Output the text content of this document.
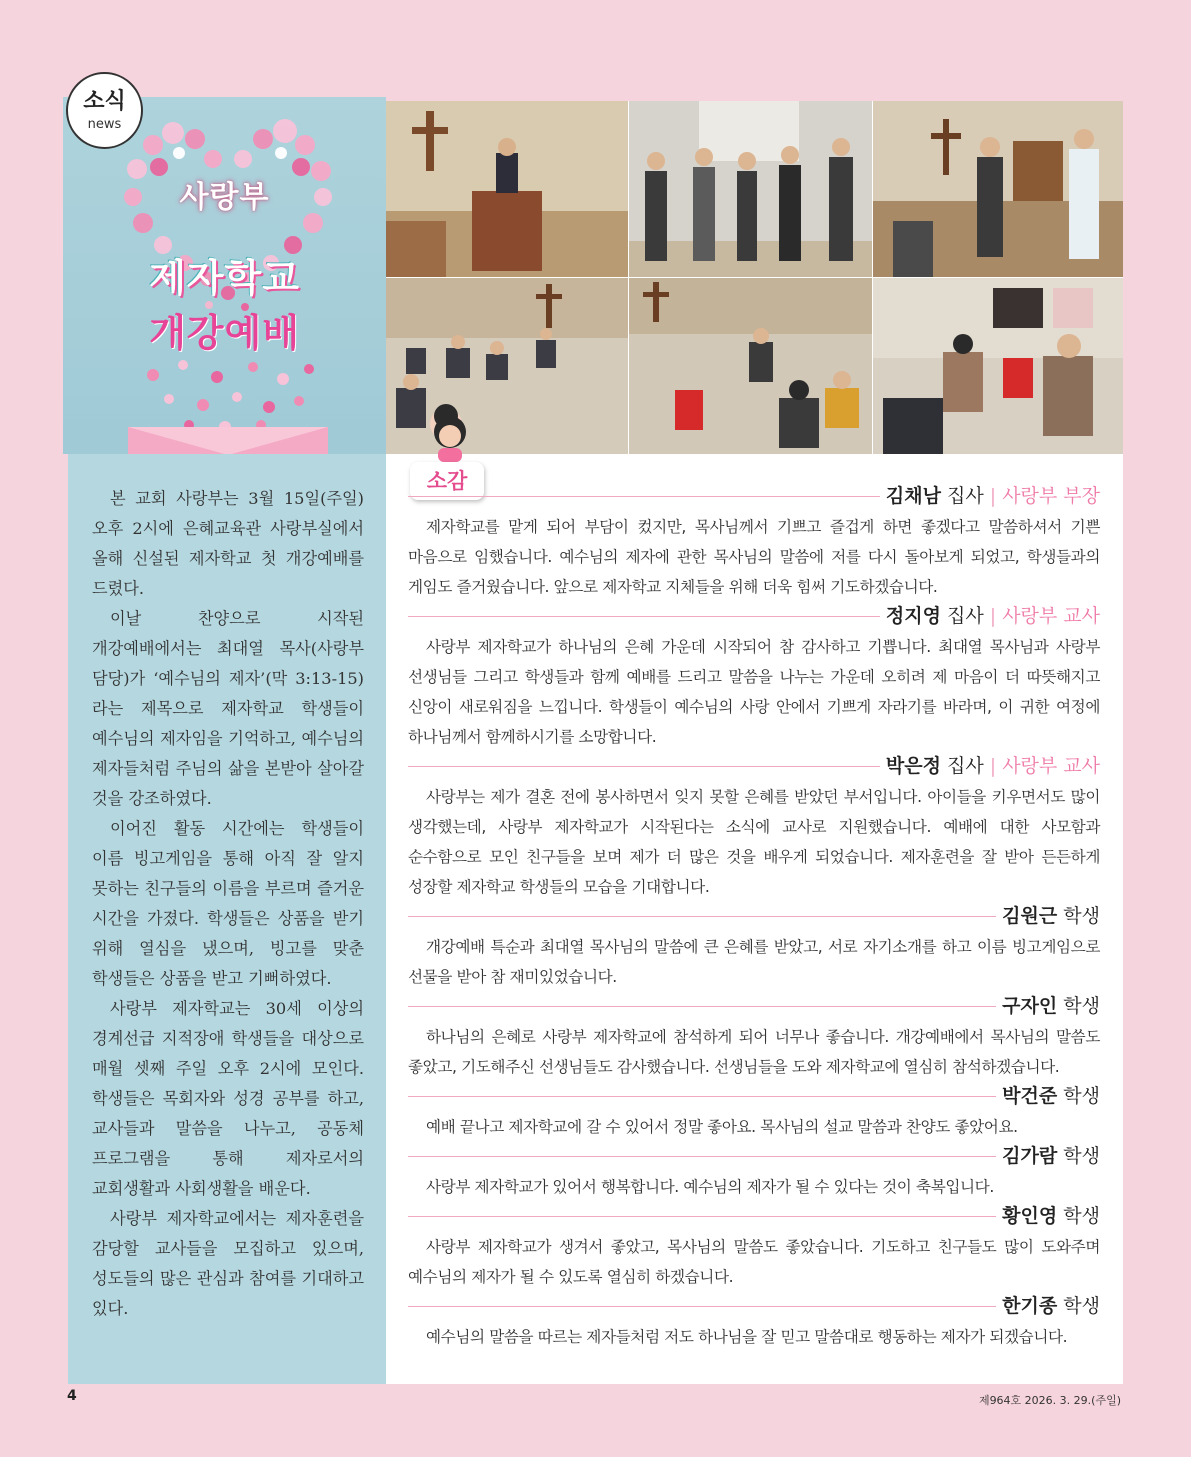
사랑부
제자학교
개강예배
소식
news

본 교회 사랑부는 3월 15일(주일) 오후 2시에 은혜교육관 사랑부실에서 올해 신설된 제자학교 첫 개강예배를 드렸다.

이날 찬양으로 시작된 개강예배에서는 최대열 목사(사랑부 담당)가 ‘예수님의 제자’(막 3:13-15)라는 제목으로 제자학교 학생들이 예수님의 제자임을 기억하고, 예수님의 제자들처럼 주님의 삶을 본받아 살아갈 것을 강조하였다.

이어진 활동 시간에는 학생들이 이름 빙고게임을 통해 아직 잘 알지 못하는 친구들의 이름을 부르며 즐거운 시간을 가졌다. 학생들은 상품을 받기 위해 열심을 냈으며, 빙고를 맞춘 학생들은 상품을 받고 기뻐하였다.

사랑부 제자학교는 30세 이상의 경계선급 지적장애 학생들을 대상으로 매월 셋째 주일 오후 2시에 모인다. 학생들은 목회자와 성경 공부를 하고, 교사들과 말씀을 나누고, 공동체 프로그램을 통해 제자로서의 교회생활과 사회생활을 배운다.

사랑부 제자학교에서는 제자훈련을 감당할 교사들을 모집하고 있으며, 성도들의 많은 관심과 참여를 기대하고 있다.

소감
김채남 집사 | 사랑부 부장
제자학교를 맡게 되어 부담이 컸지만, 목사님께서 기쁘고 즐겁게 하면 좋겠다고 말씀하셔서 기쁜 마음으로 임했습니다. 예수님의 제자에 관한 목사님의 말씀에 저를 다시 돌아보게 되었고, 학생들과의 게임도 즐거웠습니다. 앞으로 제자학교 지체들을 위해 더욱 힘써 기도하겠습니다.
정지영 집사 | 사랑부 교사
사랑부 제자학교가 하나님의 은혜 가운데 시작되어 참 감사하고 기쁩니다. 최대열 목사님과 사랑부 선생님들 그리고 학생들과 함께 예배를 드리고 말씀을 나누는 가운데 오히려 제 마음이 더 따뜻해지고 신앙이 새로워짐을 느낍니다. 학생들이 예수님의 사랑 안에서 기쁘게 자라기를 바라며, 이 귀한 여정에 하나님께서 함께하시기를 소망합니다.
박은정 집사 | 사랑부 교사
사랑부는 제가 결혼 전에 봉사하면서 잊지 못할 은혜를 받았던 부서입니다. 아이들을 키우면서도 많이 생각했는데, 사랑부 제자학교가 시작된다는 소식에 교사로 지원했습니다. 예배에 대한 사모함과 순수함으로 모인 친구들을 보며 제가 더 많은 것을 배우게 되었습니다. 제자훈련을 잘 받아 든든하게 성장할 제자학교 학생들의 모습을 기대합니다.
김원근 학생
개강예배 특순과 최대열 목사님의 말씀에 큰 은혜를 받았고, 서로 자기소개를 하고 이름 빙고게임으로 선물을 받아 참 재미있었습니다.
구자인 학생
하나님의 은혜로 사랑부 제자학교에 참석하게 되어 너무나 좋습니다. 개강예배에서 목사님의 말씀도 좋았고, 기도해주신 선생님들도 감사했습니다. 선생님들을 도와 제자학교에 열심히 참석하겠습니다.
박건준 학생
예배 끝나고 제자학교에 갈 수 있어서 정말 좋아요. 목사님의 설교 말씀과 찬양도 좋았어요.
김가람 학생
사랑부 제자학교가 있어서 행복합니다. 예수님의 제자가 될 수 있다는 것이 축복입니다.
황인영 학생
사랑부 제자학교가 생겨서 좋았고, 목사님의 말씀도 좋았습니다. 기도하고 친구들도 많이 도와주며 예수님의 제자가 될 수 있도록 열심히 하겠습니다.
한기종 학생
예수님의 말씀을 따르는 제자들처럼 저도 하나님을 잘 믿고 말씀대로 행동하는 제자가 되겠습니다.
4	제964호 2026. 3. 29.(주일)
